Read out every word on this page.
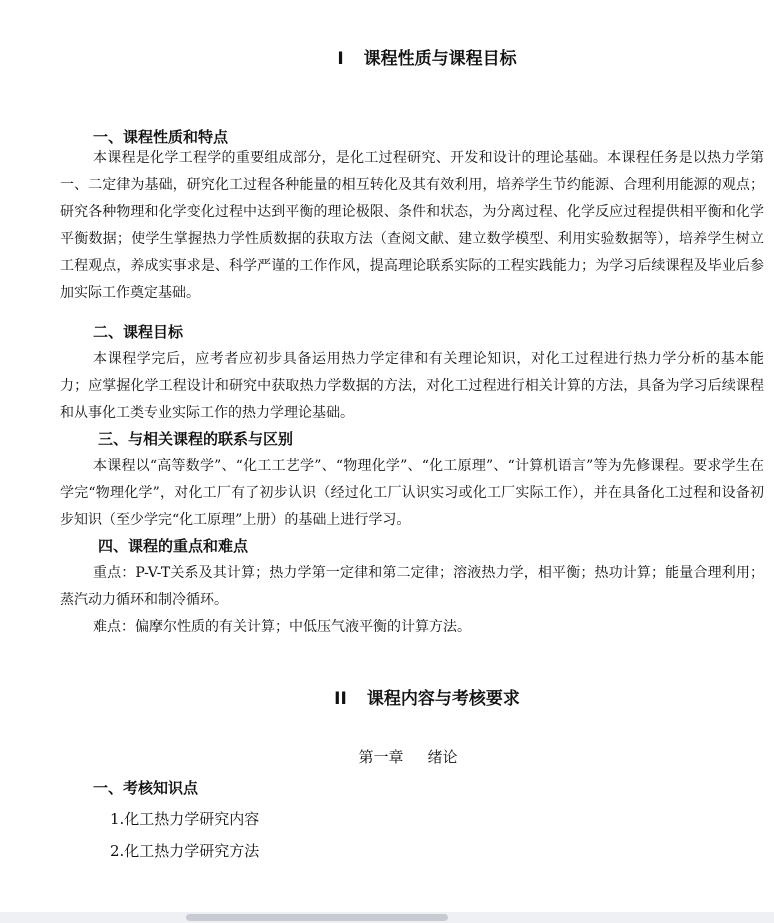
I 课程性质与课程目标
一、课程性质和特点

本课程是化学工程学的重要组成部分，是化工过程研究、开发和设计的理论基础。本课程任务是以热力学第一、二定律为基础，研究化工过程各种能量的相互转化及其有效利用，培养学生节约能源、合理利用能源的观点；研究各种物理和化学变化过程中达到平衡的理论极限、条件和状态，为分离过程、化学反应过程提供相平衡和化学平衡数据；使学生掌握热力学性质数据的获取方法（查阅文献、建立数学模型、利用实验数据等），培养学生树立工程观点，养成实事求是、科学严谨的工作作风，提高理论联系实际的工程实践能力；为学习后续课程及毕业后参加实际工作奠定基础。

二、课程目标

本课程学完后，应考者应初步具备运用热力学定律和有关理论知识，对化工过程进行热力学分析的基本能力；应掌握化学工程设计和研究中获取热力学数据的方法，对化工过程进行相关计算的方法，具备为学习后续课程和从事化工类专业实际工作的热力学理论基础。

三、与相关课程的联系与区别

本课程以“高等数学”、“化工工艺学”、“物理化学”、“化工原理”、“计算机语言”等为先修课程。要求学生在学完“物理化学”，对化工厂有了初步认识（经过化工厂认识实习或化工厂实际工作），并在具备化工过程和设备初步知识（至少学完“化工原理”上册）的基础上进行学习。

四、课程的重点和难点

重点：P-V-T关系及其计算；热力学第一定律和第二定律；溶液热力学，相平衡；热功计算；能量合理利用；蒸汽动力循环和制冷循环。

难点：偏摩尔性质的有关计算；中低压气液平衡的计算方法。

II 课程内容与考核要求
第一章 绪论
一、考核知识点
1.化工热力学研究内容
2.化工热力学研究方法
